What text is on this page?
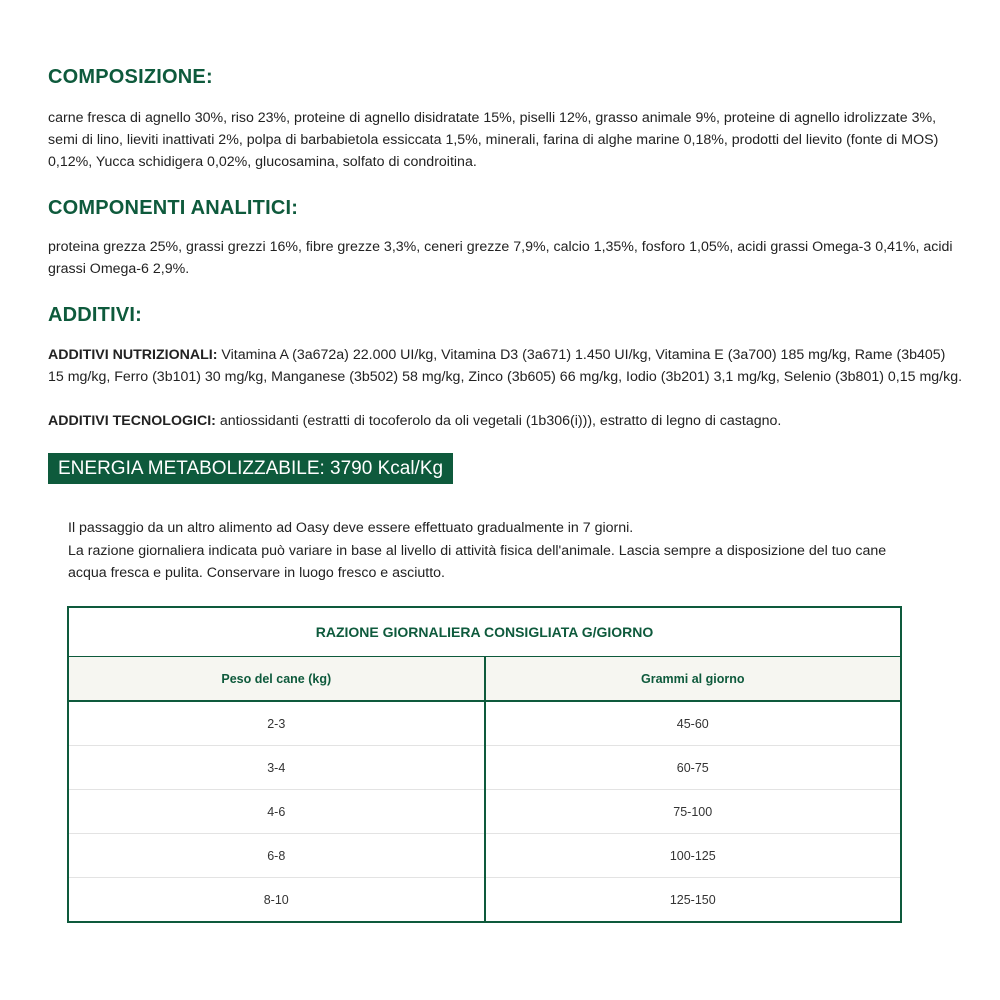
COMPOSIZIONE:

carne fresca di agnello 30%, riso 23%, proteine di agnello disidratate 15%, piselli 12%, grasso animale 9%, proteine di agnello idrolizzate 3%, semi di lino, lieviti inattivati 2%, polpa di barbabietola essiccata 1,5%, minerali, farina di alghe marine 0,18%, prodotti del lievito (fonte di MOS) 0,12%, Yucca schidigera 0,02%, glucosamina, solfato di condroitina.

COMPONENTI ANALITICI:

proteina grezza 25%, grassi grezzi 16%, fibre grezze 3,3%, ceneri grezze 7,9%, calcio 1,35%, fosforo 1,05%, acidi grassi Omega-3 0,41%, acidi grassi Omega-6 2,9%.

ADDITIVI:

ADDITIVI NUTRIZIONALI: Vitamina A (3a672a) 22.000 UI/kg, Vitamina D3 (3a671) 1.450 UI/kg, Vitamina E (3a700) 185 mg/kg, Rame (3b405) 15 mg/kg, Ferro (3b101) 30 mg/kg, Manganese (3b502) 58 mg/kg, Zinco (3b605) 66 mg/kg, Iodio (3b201) 3,1 mg/kg, Selenio (3b801) 0,15 mg/kg.

ADDITIVI TECNOLOGICI: antiossidanti (estratti di tocoferolo da oli vegetali (1b306(i))), estratto di legno di castagno.

ENERGIA METABOLIZZABILE: 3790 Kcal/Kg

Il passaggio da un altro alimento ad Oasy deve essere effettuato gradualmente in 7 giorni.
La razione giornaliera indicata può variare in base al livello di attività fisica dell'animale. Lascia sempre a disposizione del tuo cane acqua fresca e pulita. Conservare in luogo fresco e asciutto.

RAZIONE GIORNALIERA CONSIGLIATA G/GIORNO	
Peso del cane (kg)	Grammi al giorno
2-3	45-60
3-4	60-75
4-6	75-100
6-8	100-125
8-10	125-150
